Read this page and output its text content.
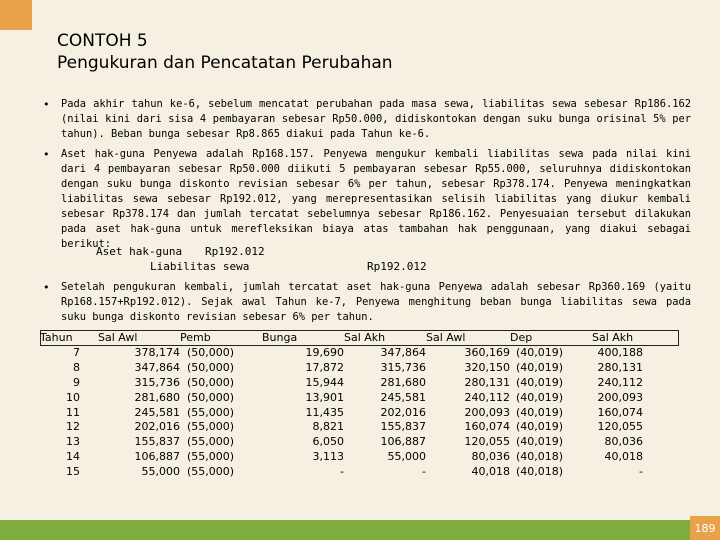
CONTOH 5
Pengukuran dan Pencatatan Perubahan
• Pada akhir tahun ke-6, sebelum mencatat perubahan pada masa sewa, liabilitas sewa sebesar Rp186.162 (nilai kini dari sisa 4 pembayaran sebesar Rp50.000, didiskontokan dengan suku bunga orisinal 5% per tahun). Beban bunga sebesar Rp8.865 diakui pada Tahun ke-6.
• Aset hak-guna Penyewa adalah Rp168.157. Penyewa mengukur kembali liabilitas sewa pada nilai kini dari 4 pembayaran sebesar Rp50.000 diikuti 5 pembayaran sebesar Rp55.000, seluruhnya didiskontokan dengan suku bunga diskonto revisian sebesar 6% per tahun, sebesar Rp378.174. Penyewa meningkatkan liabilitas sewa sebesar Rp192.012, yang merepresentasikan selisih liabilitas yang diukur kembali sebesar Rp378.174 dan jumlah tercatat sebelumnya sebesar Rp186.162. Penyesuaian tersebut dilakukan pada aset hak-guna untuk merefleksikan biaya atas tambahan hak penggunaan, yang diakui sebagai berikut:
Aset hak-guna Rp192.012
Liabilitas sewa	Rp192.012
• Setelah pengukuran kembali, jumlah tercatat aset hak-guna Penyewa adalah sebesar Rp360.169 (yaitu Rp168.157+Rp192.012). Sejak awal Tahun ke-7, Penyewa menghitung beban bunga liabilitas sewa pada suku bunga diskonto revisian sebesar 6% per tahun.
Tahun	Sal Awl	Pemb	Bunga	Sal Akh	Sal Awl	Dep	Sal Akh
7	378,174	(50,000)	19,690	347,864	360,169	(40,019)	400,188
8	347,864	(50,000)	17,872	315,736	320,150	(40,019)	280,131
9	315,736	(50,000)	15,944	281,680	280,131	(40,019)	240,112
10	281,680	(50,000)	13,901	245,581	240,112	(40,019)	200,093
11	245,581	(55,000)	11,435	202,016	200,093	(40,019)	160,074
12	202,016	(55,000)	8,821	155,837	160,074	(40,019)	120,055
13	155,837	(55,000)	6,050	106,887	120,055	(40,019)	80,036
14	106,887	(55,000)	3,113	55,000	80,036	(40,018)	40,018
15	55,000	(55,000)	-	-	40,018	(40,018)	-
189
